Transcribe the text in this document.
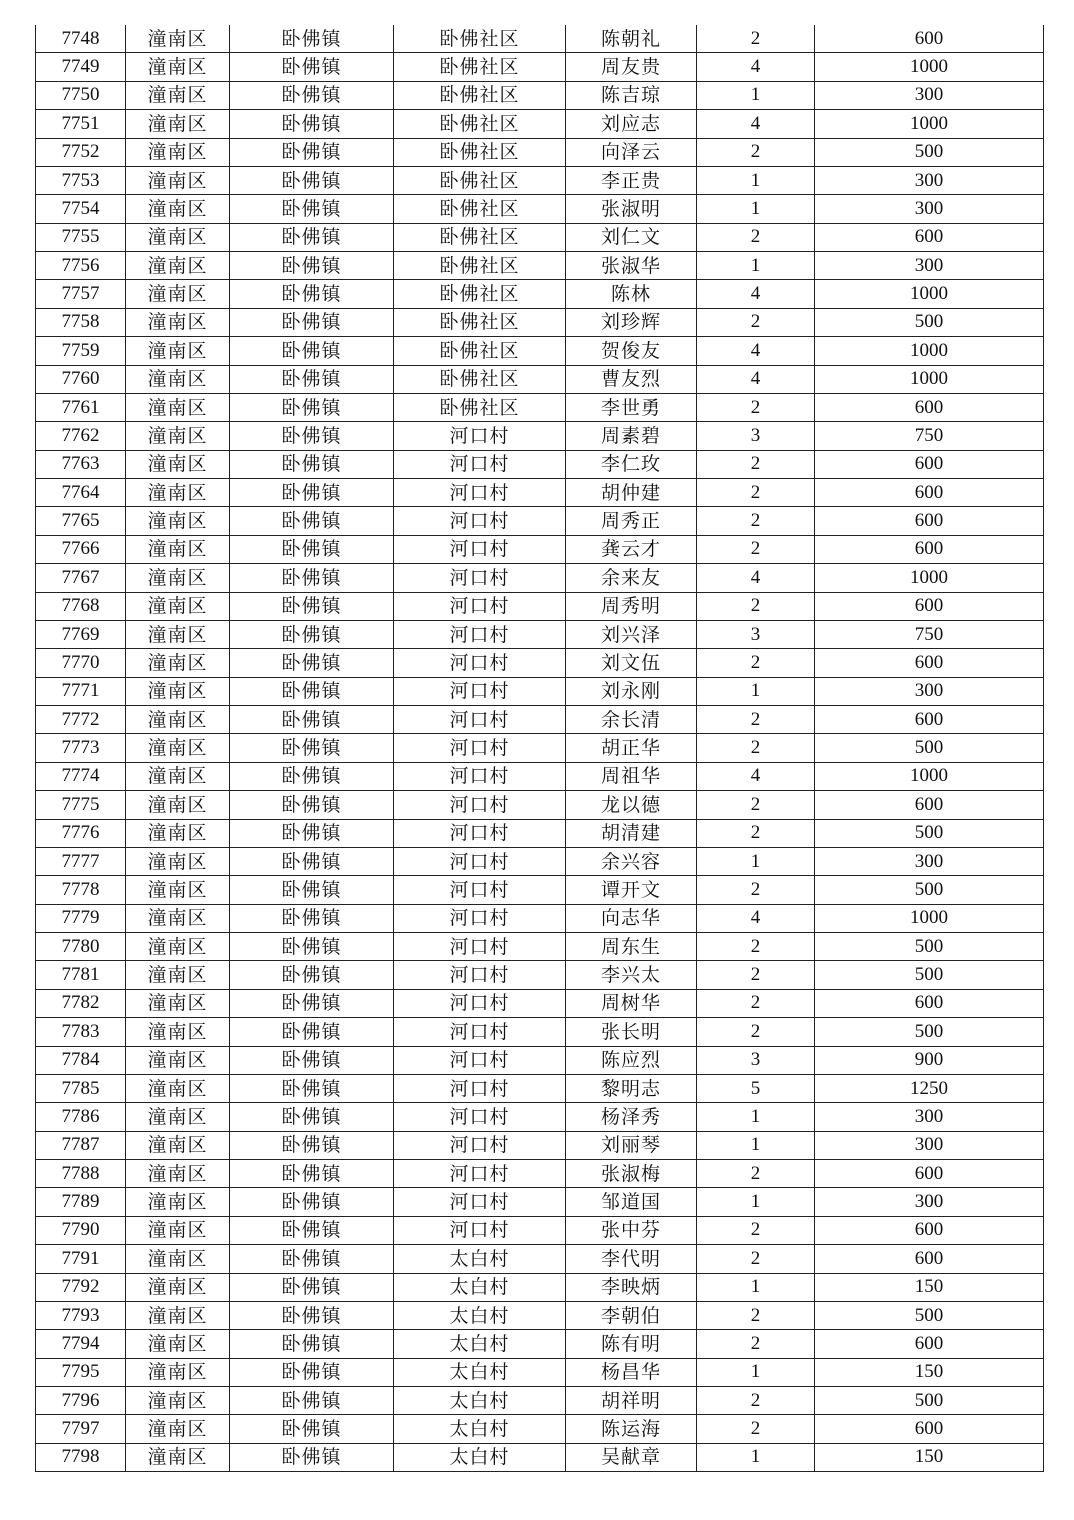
7748	潼南区	卧佛镇	卧佛社区	陈朝礼	2	600
7749	潼南区	卧佛镇	卧佛社区	周友贵	4	1000
7750	潼南区	卧佛镇	卧佛社区	陈吉琼	1	300
7751	潼南区	卧佛镇	卧佛社区	刘应志	4	1000
7752	潼南区	卧佛镇	卧佛社区	向泽云	2	500
7753	潼南区	卧佛镇	卧佛社区	李正贵	1	300
7754	潼南区	卧佛镇	卧佛社区	张淑明	1	300
7755	潼南区	卧佛镇	卧佛社区	刘仁文	2	600
7756	潼南区	卧佛镇	卧佛社区	张淑华	1	300
7757	潼南区	卧佛镇	卧佛社区	陈林	4	1000
7758	潼南区	卧佛镇	卧佛社区	刘珍辉	2	500
7759	潼南区	卧佛镇	卧佛社区	贺俊友	4	1000
7760	潼南区	卧佛镇	卧佛社区	曹友烈	4	1000
7761	潼南区	卧佛镇	卧佛社区	李世勇	2	600
7762	潼南区	卧佛镇	河口村	周素碧	3	750
7763	潼南区	卧佛镇	河口村	李仁玫	2	600
7764	潼南区	卧佛镇	河口村	胡仲建	2	600
7765	潼南区	卧佛镇	河口村	周秀正	2	600
7766	潼南区	卧佛镇	河口村	龚云才	2	600
7767	潼南区	卧佛镇	河口村	余来友	4	1000
7768	潼南区	卧佛镇	河口村	周秀明	2	600
7769	潼南区	卧佛镇	河口村	刘兴泽	3	750
7770	潼南区	卧佛镇	河口村	刘文伍	2	600
7771	潼南区	卧佛镇	河口村	刘永刚	1	300
7772	潼南区	卧佛镇	河口村	余长清	2	600
7773	潼南区	卧佛镇	河口村	胡正华	2	500
7774	潼南区	卧佛镇	河口村	周祖华	4	1000
7775	潼南区	卧佛镇	河口村	龙以德	2	600
7776	潼南区	卧佛镇	河口村	胡清建	2	500
7777	潼南区	卧佛镇	河口村	余兴容	1	300
7778	潼南区	卧佛镇	河口村	谭开文	2	500
7779	潼南区	卧佛镇	河口村	向志华	4	1000
7780	潼南区	卧佛镇	河口村	周东生	2	500
7781	潼南区	卧佛镇	河口村	李兴太	2	500
7782	潼南区	卧佛镇	河口村	周树华	2	600
7783	潼南区	卧佛镇	河口村	张长明	2	500
7784	潼南区	卧佛镇	河口村	陈应烈	3	900
7785	潼南区	卧佛镇	河口村	黎明志	5	1250
7786	潼南区	卧佛镇	河口村	杨泽秀	1	300
7787	潼南区	卧佛镇	河口村	刘丽琴	1	300
7788	潼南区	卧佛镇	河口村	张淑梅	2	600
7789	潼南区	卧佛镇	河口村	邹道国	1	300
7790	潼南区	卧佛镇	河口村	张中芬	2	600
7791	潼南区	卧佛镇	太白村	李代明	2	600
7792	潼南区	卧佛镇	太白村	李映炳	1	150
7793	潼南区	卧佛镇	太白村	李朝伯	2	500
7794	潼南区	卧佛镇	太白村	陈有明	2	600
7795	潼南区	卧佛镇	太白村	杨昌华	1	150
7796	潼南区	卧佛镇	太白村	胡祥明	2	500
7797	潼南区	卧佛镇	太白村	陈运海	2	600
7798	潼南区	卧佛镇	太白村	吴献章	1	150
